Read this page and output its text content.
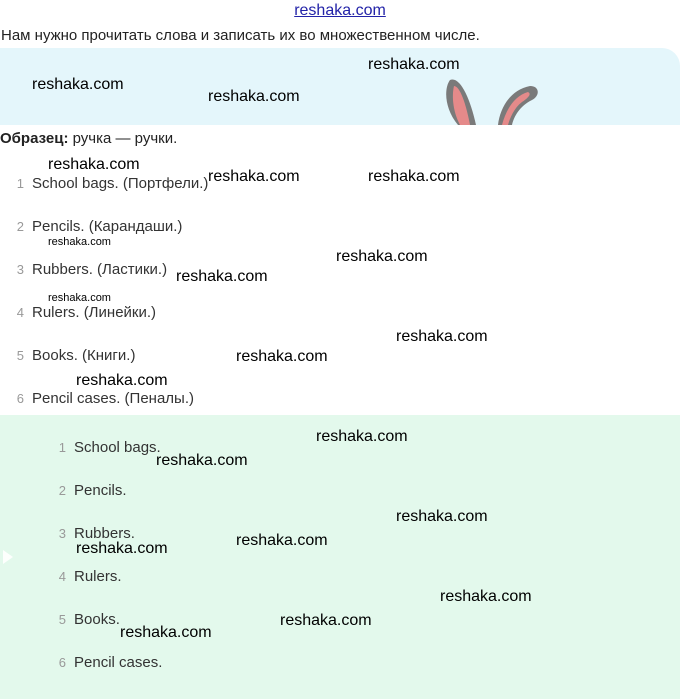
reshaka.com
Нам нужно прочитать слова и записать их во множественном числе.
Образец: ручка — ручки.
1 School bags. (Портфели.)
2 Pencils. (Карандаши.)
3 Rubbers. (Ластики.)
4 Rulers. (Линейки.)
5 Books. (Книги.)
6 Pencil cases. (Пеналы.)
1 School bags.
2 Pencils.
3 Rubbers.
4 Rulers.
5 Books.
6 Pencil cases.
reshaka.com
reshaka.com
reshaka.com
reshaka.com
reshaka.com	reshaka.com
reshaka.com
reshaka.com
reshaka.com
reshaka.com
reshaka.com
reshaka.com
reshaka.com
reshaka.com
reshaka.com
reshaka.com
reshaka.com
reshaka.com
reshaka.com
reshaka.com
reshaka.com
